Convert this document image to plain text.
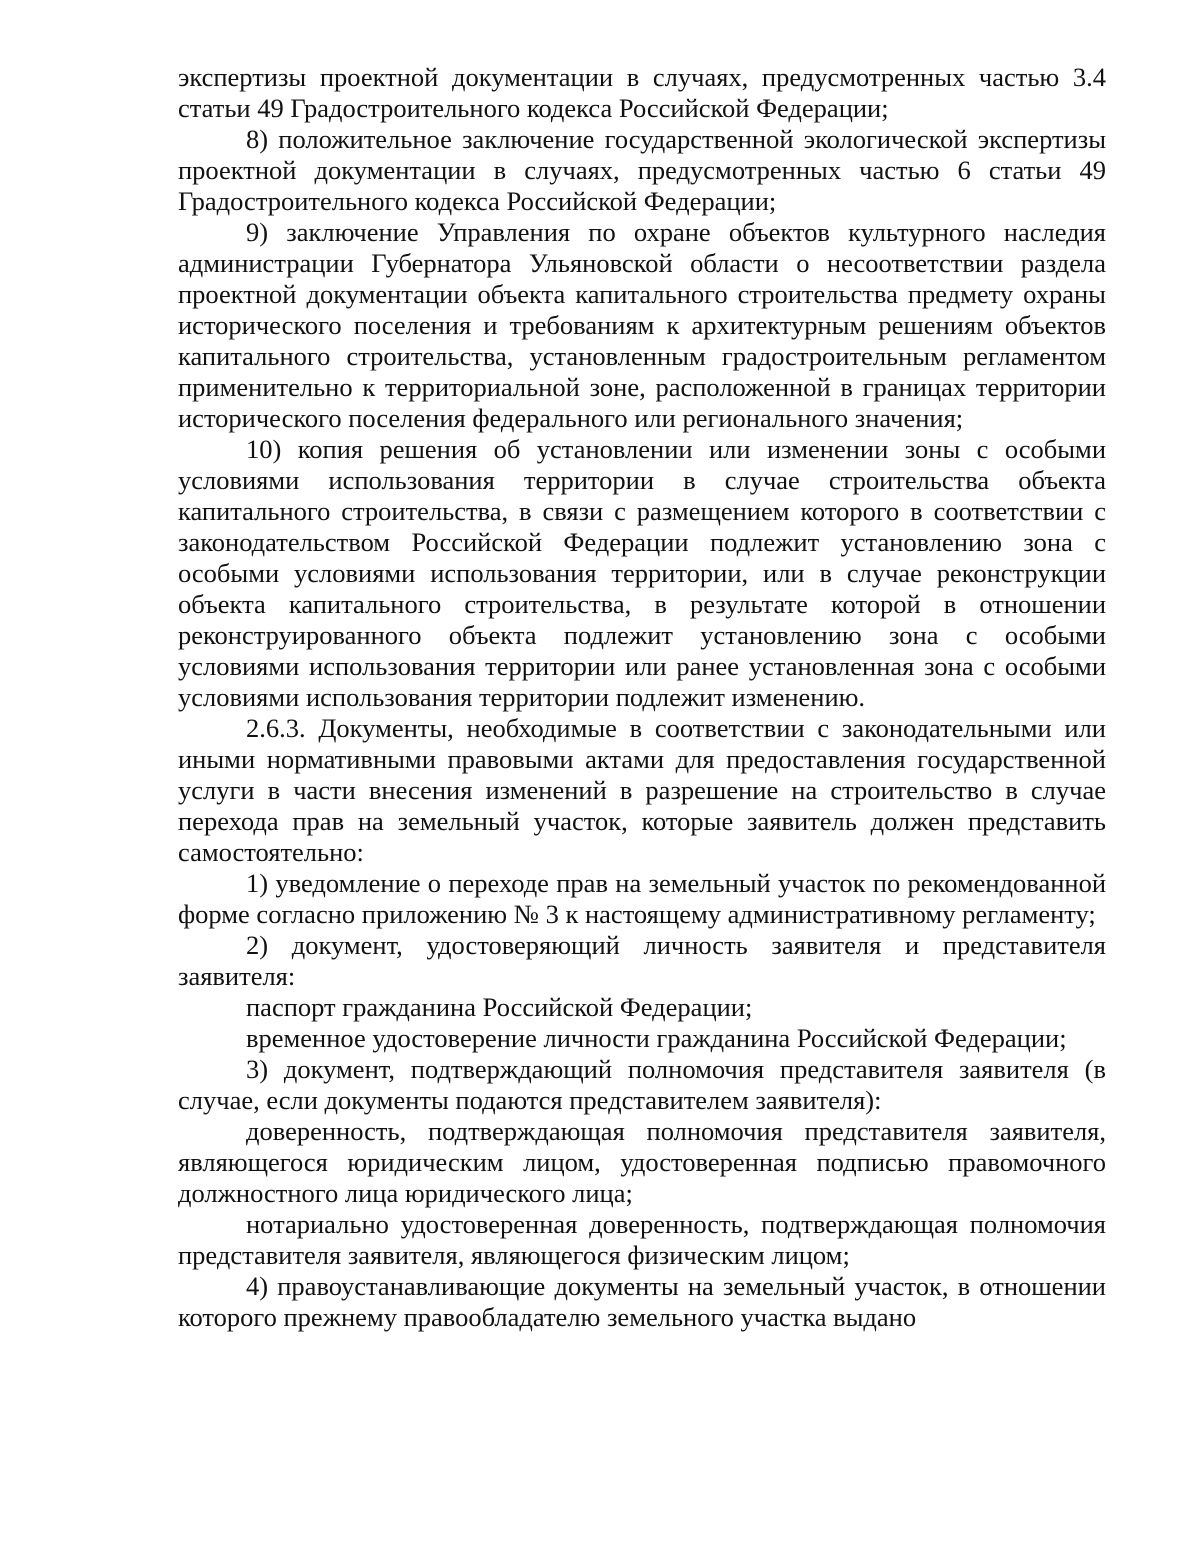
экспертизы проектной документации в случаях, предусмотренных частью 3.4 статьи 49 Градостроительного кодекса Российской Федерации;

8) положительное заключение государственной экологической экспертизы проектной документации в случаях, предусмотренных частью 6 статьи 49 Градостроительного кодекса Российской Федерации;

9) заключение Управления по охране объектов культурного наследия администрации Губернатора Ульяновской области о несоответствии раздела проектной документации объекта капитального строительства предмету охраны исторического поселения и требованиям к архитектурным решениям объектов капитального строительства, установленным градостроительным регламентом применительно к территориальной зоне, расположенной в границах территории исторического поселения федерального или регионального значения;

10) копия решения об установлении или изменении зоны с особыми условиями использования территории в случае строительства объекта капитального строительства, в связи с размещением которого в соответствии с законодательством Российской Федерации подлежит установлению зона с особыми условиями использования территории, или в случае реконструкции объекта капитального строительства, в результате которой в отношении реконструированного объекта подлежит установлению зона с особыми условиями использования территории или ранее установленная зона с особыми условиями использования территории подлежит изменению.

2.6.3. Документы, необходимые в соответствии с законодательными или иными нормативными правовыми актами для предоставления государственной услуги в части внесения изменений в разрешение на строительство в случае перехода прав на земельный участок, которые заявитель должен представить самостоятельно:

1) уведомление о переходе прав на земельный участок по рекомендованной форме согласно приложению № 3 к настоящему административному регламенту;

2) документ, удостоверяющий личность заявителя и представителя заявителя:

паспорт гражданина Российской Федерации;

временное удостоверение личности гражданина Российской Федерации;

3) документ, подтверждающий полномочия представителя заявителя (в случае, если документы подаются представителем заявителя):

доверенность, подтверждающая полномочия представителя заявителя, являющегося юридическим лицом, удостоверенная подписью правомочного должностного лица юридического лица;

нотариально удостоверенная доверенность, подтверждающая полномочия представителя заявителя, являющегося физическим лицом;

4) правоустанавливающие документы на земельный участок, в отношении которого прежнему правообладателю земельного участка выдано
